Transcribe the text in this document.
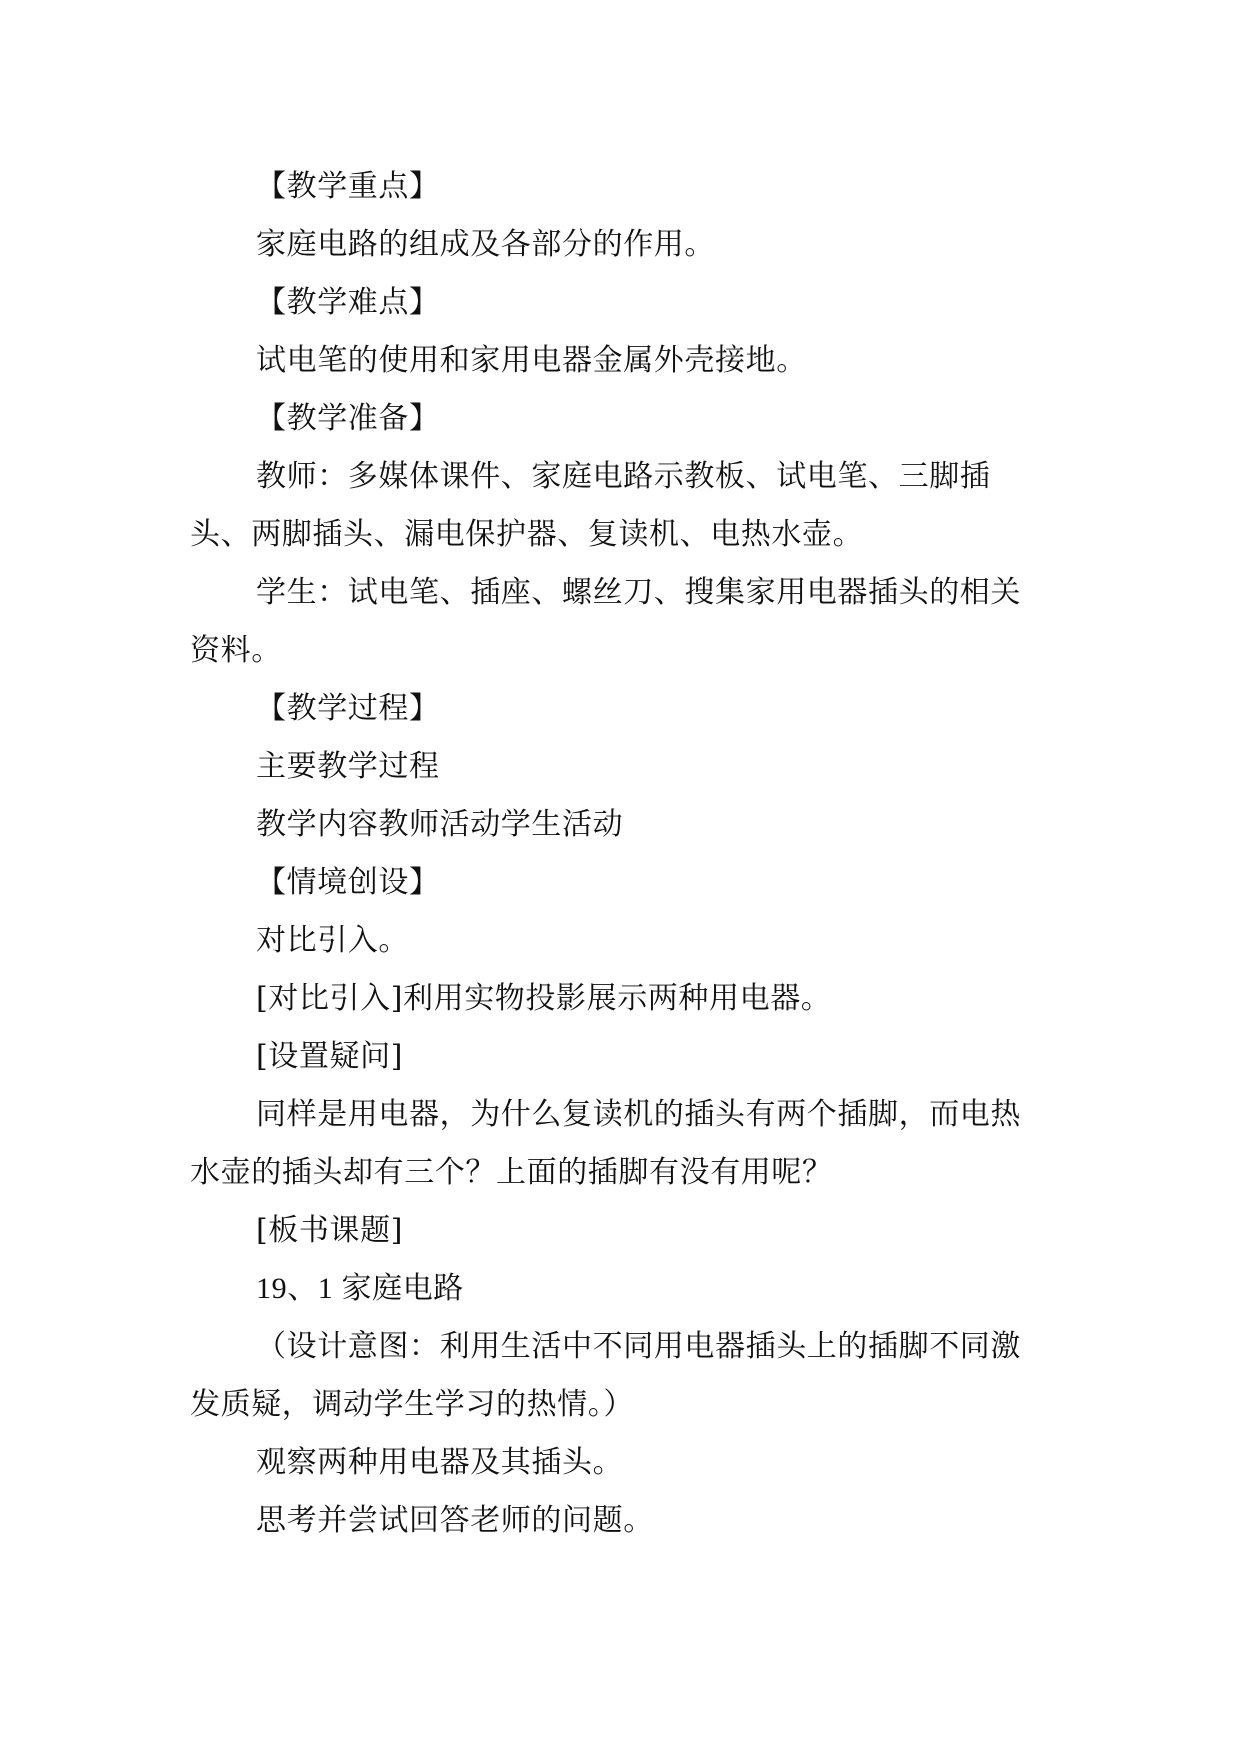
【教学重点】

家庭电路的组成及各部分的作用。

【教学难点】

试电笔的使用和家用电器金属外壳接地。

【教学准备】

教师：多媒体课件、家庭电路示教板、试电笔、三脚插头、两脚插头、漏电保护器、复读机、电热水壶。

学生：试电笔、插座、螺丝刀、搜集家用电器插头的相关资料。

【教学过程】

主要教学过程

教学内容教师活动学生活动

【情境创设】

对比引入。

[对比引入]利用实物投影展示两种用电器。

[设置疑问]

同样是用电器，为什么复读机的插头有两个插脚，而电热水壶的插头却有三个？上面的插脚有没有用呢？

[板书课题]

19、1 家庭电路

（设计意图：利用生活中不同用电器插头上的插脚不同激发质疑，调动学生学习的热情。）

观察两种用电器及其插头。

思考并尝试回答老师的问题。
